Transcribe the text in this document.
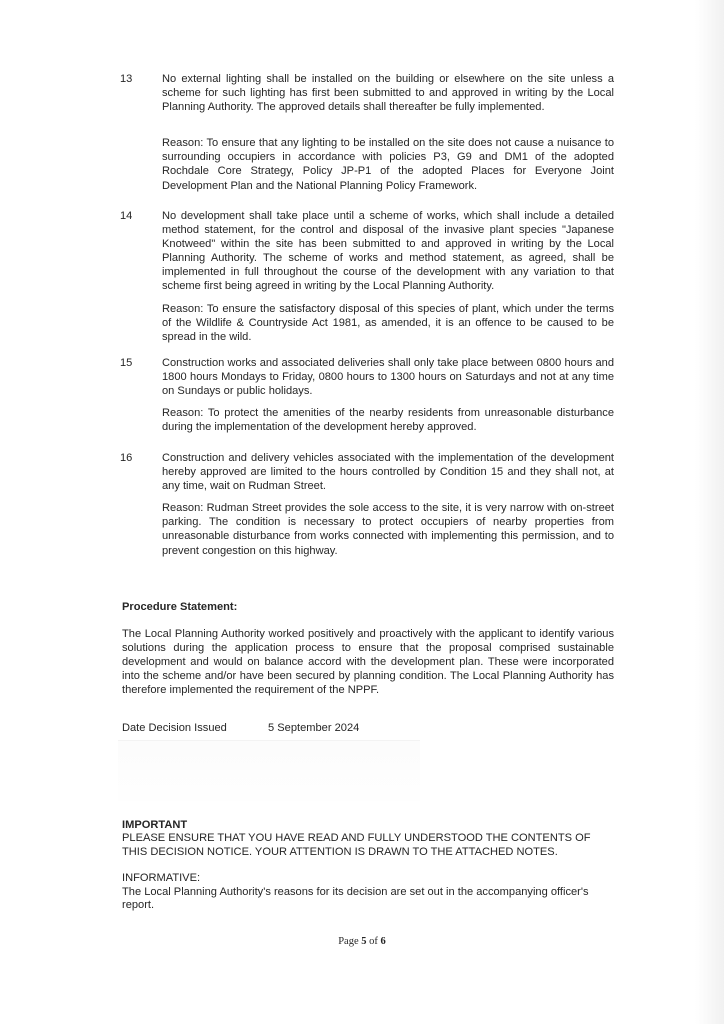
13	No external lighting shall be installed on the building or elsewhere on the site unless a scheme for such lighting has first been submitted to and approved in writing by the Local Planning Authority. The approved details shall thereafter be fully implemented.

Reason: To ensure that any lighting to be installed on the site does not cause a nuisance to surrounding occupiers in accordance with policies P3, G9 and DM1 of the adopted Rochdale Core Strategy, Policy JP-P1 of the adopted Places for Everyone Joint Development Plan and the National Planning Policy Framework.

14	No development shall take place until a scheme of works, which shall include a detailed method statement, for the control and disposal of the invasive plant species "Japanese Knotweed" within the site has been submitted to and approved in writing by the Local Planning Authority. The scheme of works and method statement, as agreed, shall be implemented in full throughout the course of the development with any variation to that scheme first being agreed in writing by the Local Planning Authority.

Reason: To ensure the satisfactory disposal of this species of plant, which under the terms of the Wildlife & Countryside Act 1981, as amended, it is an offence to be caused to be spread in the wild.

15	Construction works and associated deliveries shall only take place between 0800 hours and 1800 hours Mondays to Friday, 0800 hours to 1300 hours on Saturdays and not at any time on Sundays or public holidays.

Reason: To protect the amenities of the nearby residents from unreasonable disturbance during the implementation of the development hereby approved.

16	Construction and delivery vehicles associated with the implementation of the development hereby approved are limited to the hours controlled by Condition 15 and they shall not, at any time, wait on Rudman Street.

Reason: Rudman Street provides the sole access to the site, it is very narrow with on-street parking. The condition is necessary to protect occupiers of nearby properties from unreasonable disturbance from works connected with implementing this permission, and to prevent congestion on this highway.

Procedure Statement:
The Local Planning Authority worked positively and proactively with the applicant to identify various solutions during the application process to ensure that the proposal comprised sustainable development and would on balance accord with the development plan. These were incorporated into the scheme and/or have been secured by planning condition. The Local Planning Authority has therefore implemented the requirement of the NPPF.
Date Decision Issued	5 September 2024
IMPORTANT
PLEASE ENSURE THAT YOU HAVE READ AND FULLY UNDERSTOOD THE CONTENTS OF THIS DECISION NOTICE. YOUR ATTENTION IS DRAWN TO THE ATTACHED NOTES.
INFORMATIVE:
The Local Planning Authority's reasons for its decision are set out in the accompanying officer's report.
Page 5 of 6
